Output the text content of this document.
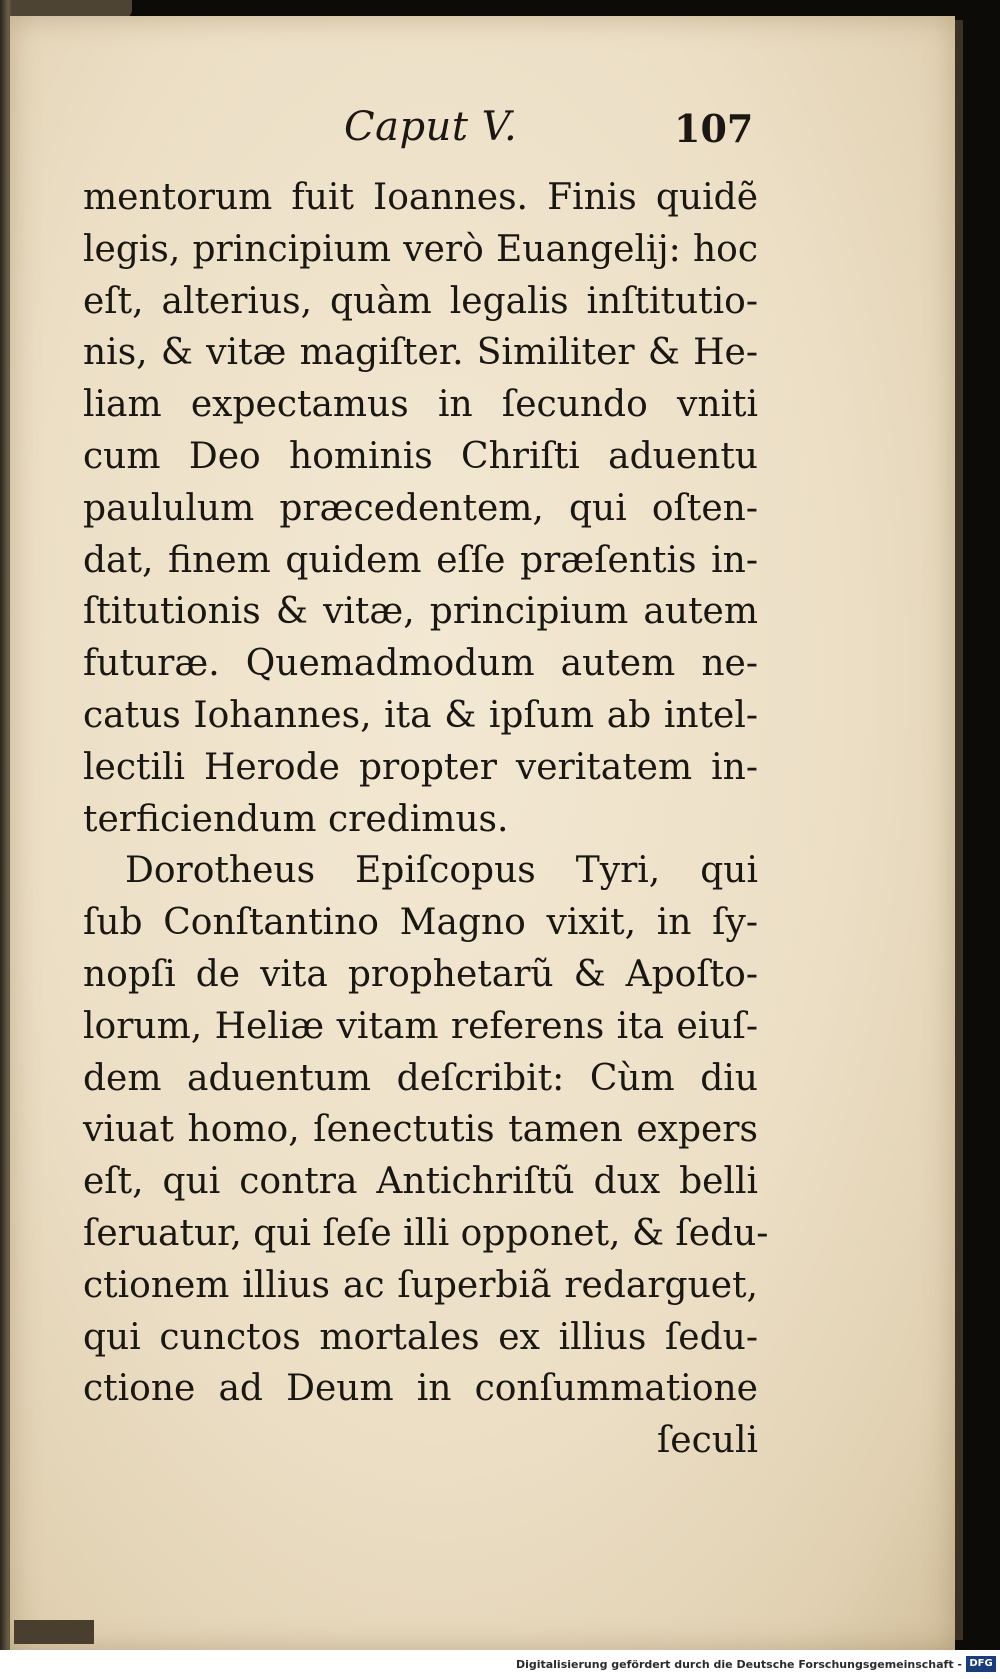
Caput V.	107
mentorum fuit Ioannes. Finis quidẽ
legis, principium verò Euangelij: hoc
eſt, alterius, quàm legalis inſtitutio-
nis, & vitæ magiſter. Similiter & He-
liam expectamus in ſecundo vniti
cum Deo hominis Chriſti aduentu
paululum præcedentem, qui oſten-
dat, finem quidem eſſe præſentis in-
ſtitutionis & vitæ, principium autem
futuræ. Quemadmodum autem ne-
catus Iohannes, ita & ipſum ab intel-
lectili Herode propter veritatem in-
terficiendum credimus.
Dorotheus Epiſcopus Tyri, qui
ſub Conſtantino Magno vixit, in ſy-
nopſi de vita prophetarũ & Apoſto-
lorum, Heliæ vitam referens ita eiuſ-
dem aduentum deſcribit: Cùm diu
viuat homo, ſenectutis tamen expers
eſt, qui contra Antichriſtũ dux belli
ſeruatur, qui ſeſe illi opponet, & ſedu-
ctionem illius ac ſuperbiã redarguet,
qui cunctos mortales ex illius ſedu-
ctione ad Deum in conſummatione
ſeculi
Digitalisierung gefördert durch die Deutsche Forschungsgemeinschaft - DFG
